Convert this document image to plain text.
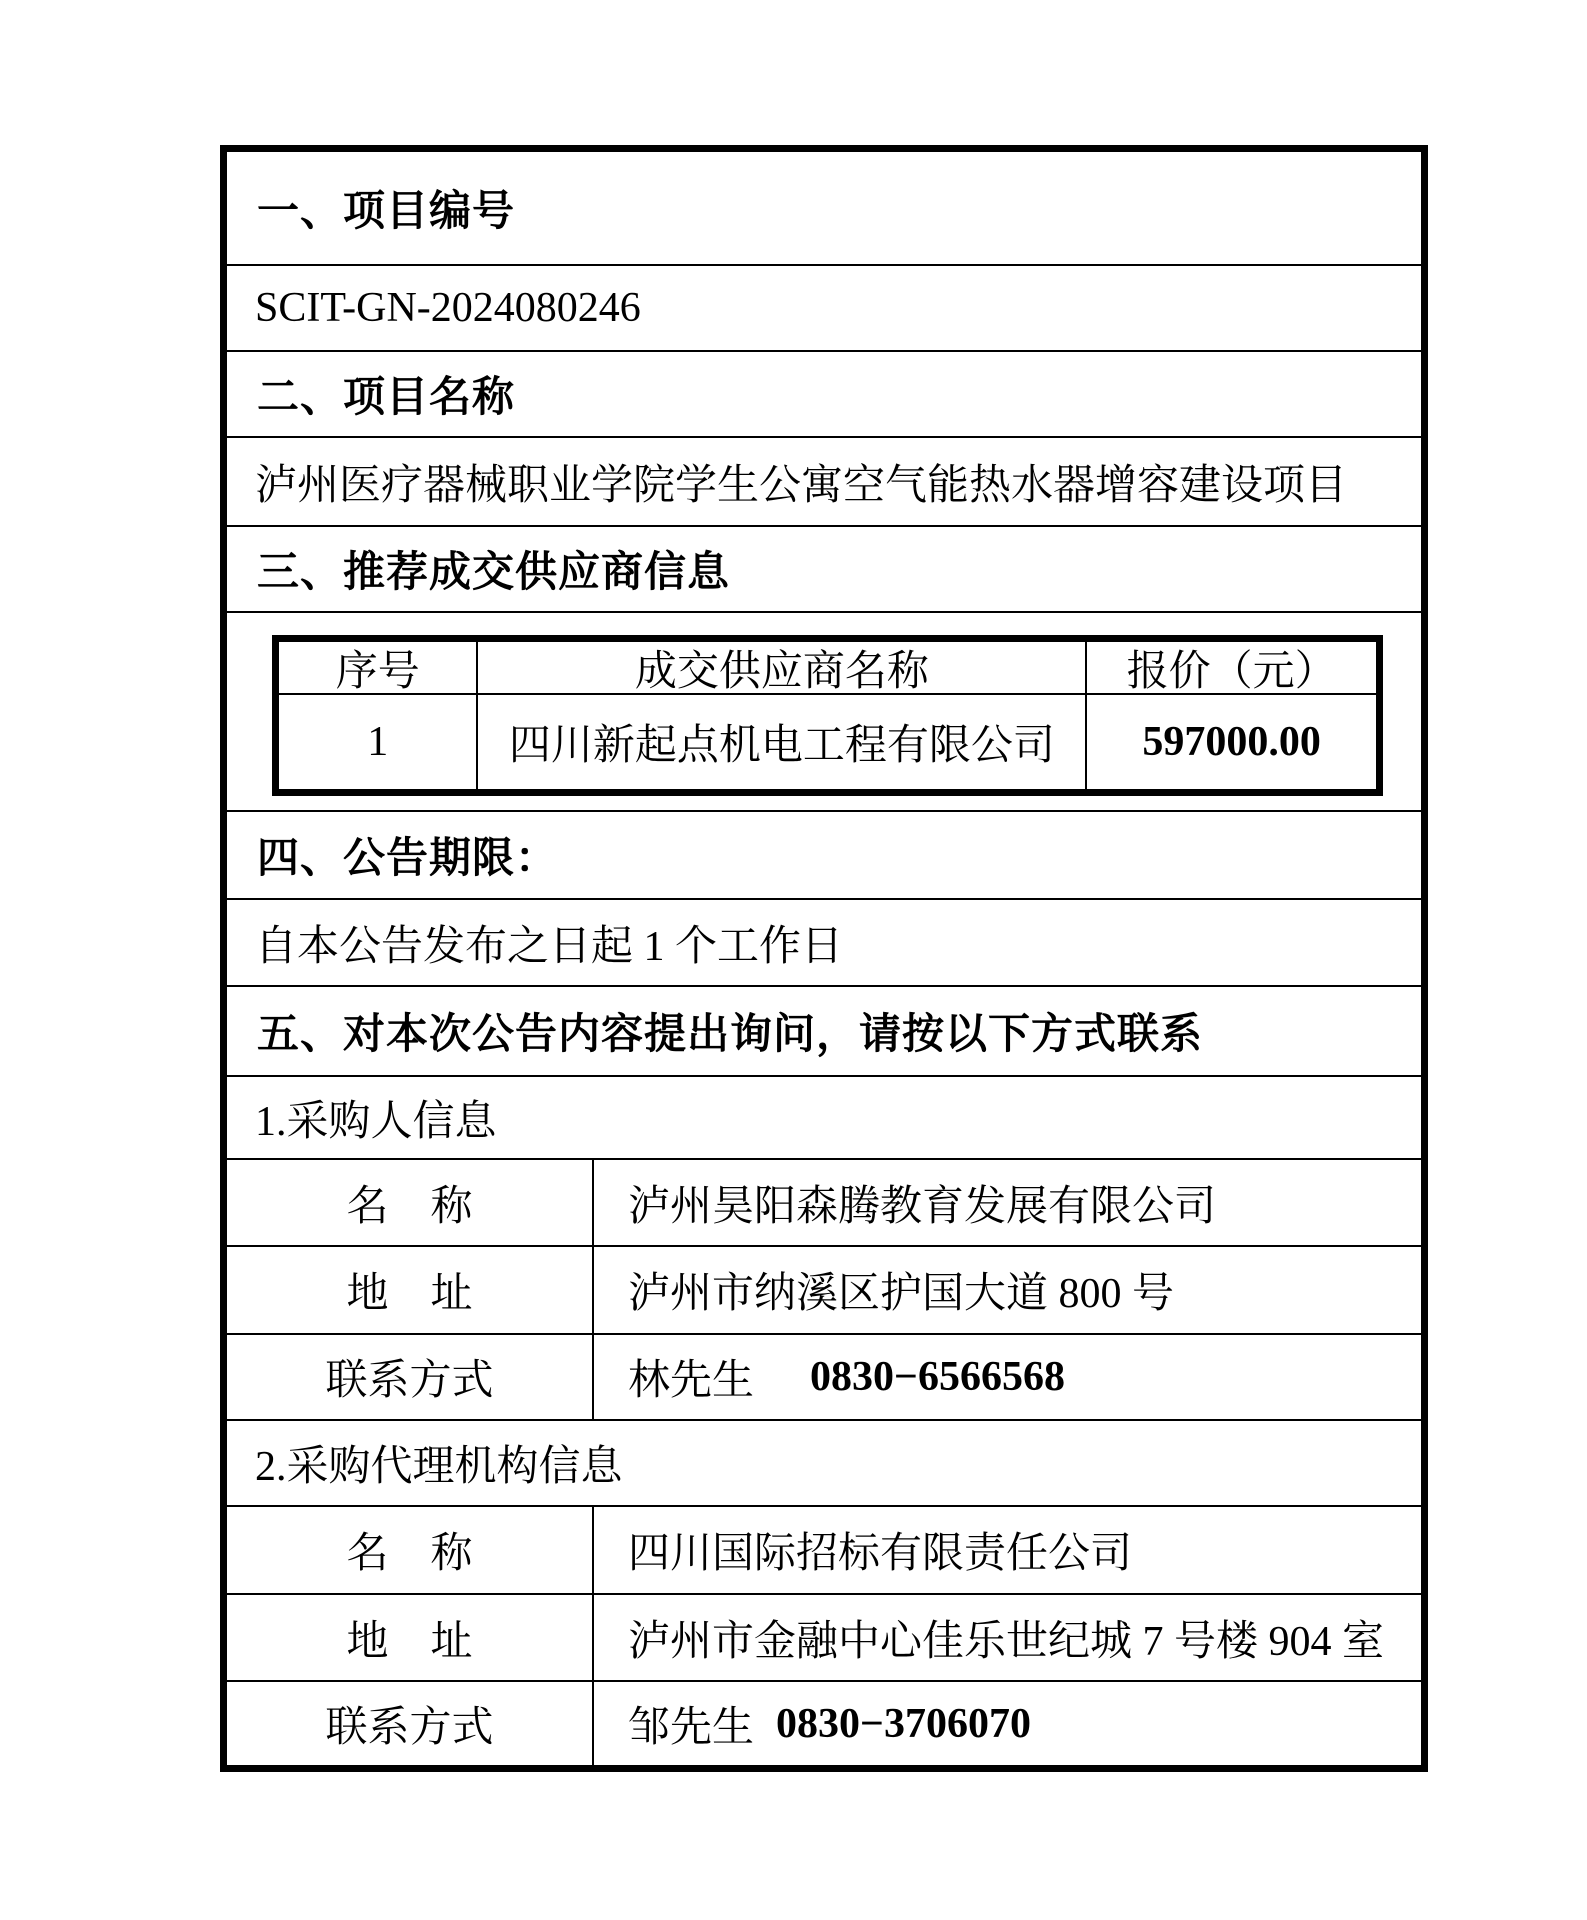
一、项目编号
SCIT-GN-2024080246
二、项目名称
泸州医疗器械职业学院学生公寓空气能热水器增容建设项目
三、推荐成交供应商信息
序号	成交供应商名称	报价（元）
1	四川新起点机电工程有限公司	597000.00
四、公告期限：
自本公告发布之日起 1 个工作日
五、对本次公告内容提出询问，请按以下方式联系
1.采购人信息
名　称	泸州昊阳森腾教育发展有限公司
地　址	泸州市纳溪区护国大道 800 号
联系方式	林先生 0830−6566568
2.采购代理机构信息
名　称	四川国际招标有限责任公司
地　址	泸州市金融中心佳乐世纪城 7 号楼 904 室
联系方式	邹先生 0830−3706070
